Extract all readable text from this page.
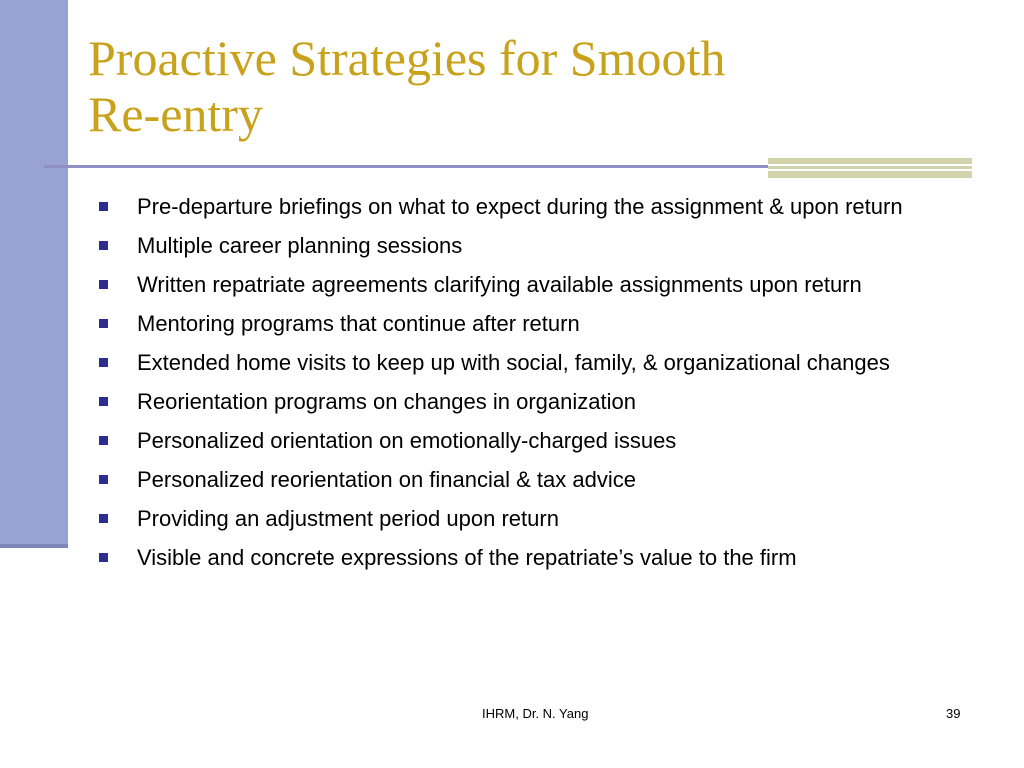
Proactive Strategies for Smooth
Re-entry
Pre-departure briefings on what to expect during the assignment & upon return
Multiple career planning sessions
Written repatriate agreements clarifying available assignments upon return
Mentoring programs that continue after return
Extended home visits to keep up with social, family, & organizational changes
Reorientation programs on changes in organization
Personalized orientation on emotionally-charged issues
Personalized reorientation on financial & tax advice
Providing an adjustment period upon return
Visible and concrete expressions of the repatriate’s value to the firm
IHRM, Dr. N. Yang	39
